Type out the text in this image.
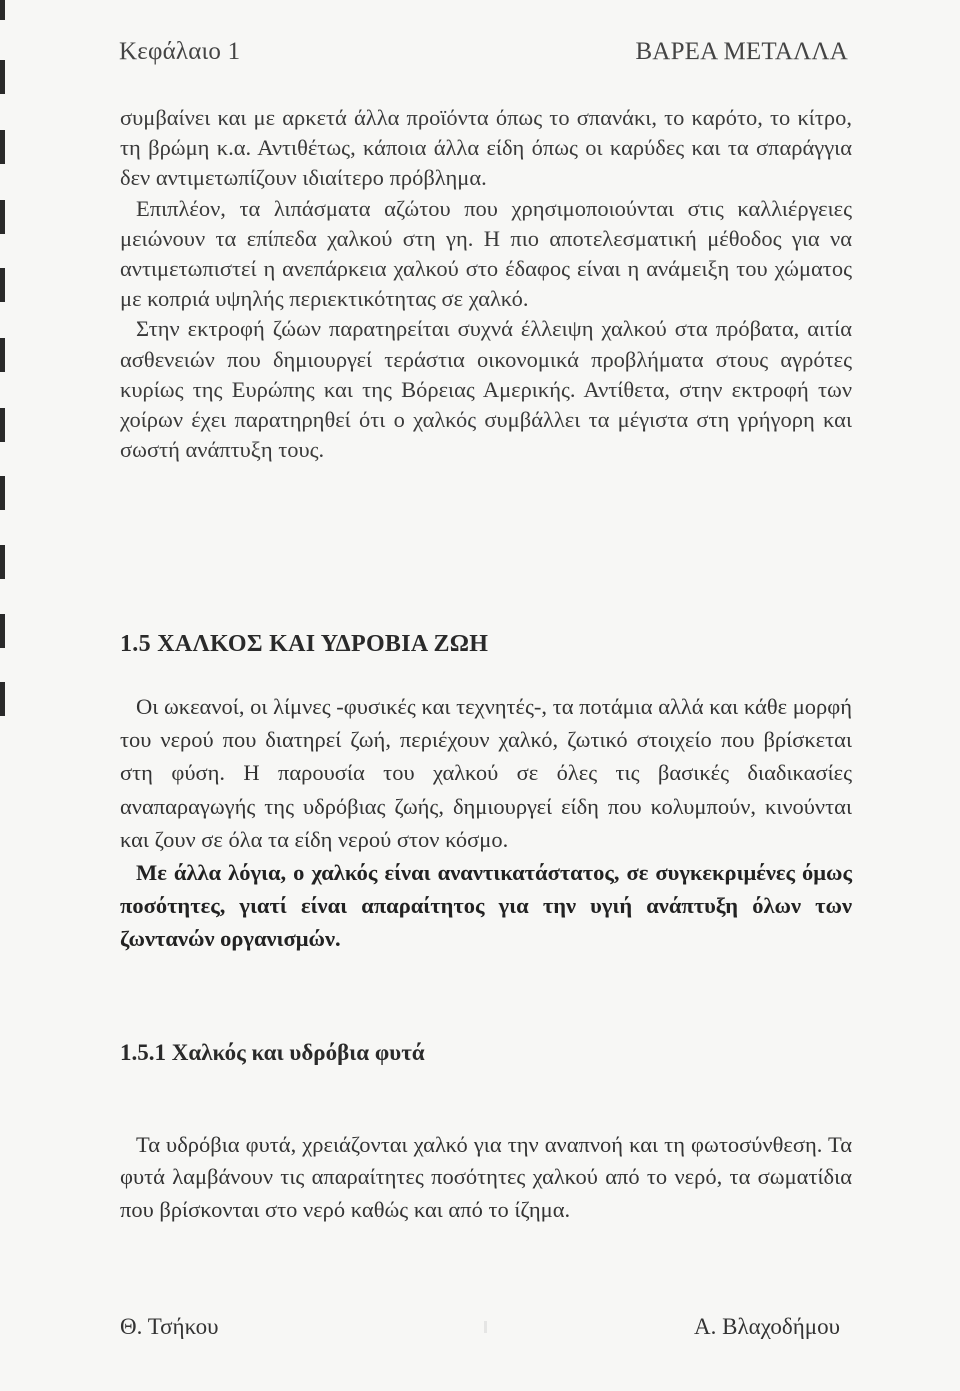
Κεφάλαιο 1	ΒΑΡΕΑ ΜΕΤΑΛΛΑ

συμβαίνει και με αρκετά άλλα προϊόντα όπως το σπανάκι, το καρότο, το κίτρο, τη βρώμη κ.α. Αντιθέτως, κάποια άλλα είδη όπως οι καρύδες και τα σπαράγγια δεν αντιμετωπίζουν ιδιαίτερο πρόβλημα.

Επιπλέον, τα λιπάσματα αζώτου που χρησιμοποιούνται στις καλλιέργειες μειώνουν τα επίπεδα χαλκού στη γη. Η πιο αποτελεσματική μέθοδος για να αντιμετωπιστεί η ανεπάρκεια χαλκού στο έδαφος είναι η ανάμειξη του χώματος με κοπριά υψηλής περιεκτικότητας σε χαλκό.

Στην εκτροφή ζώων παρατηρείται συχνά έλλειψη χαλκού στα πρόβατα, αιτία ασθενειών που δημιουργεί τεράστια οικονομικά προβλήματα στους αγρότες κυρίως της Ευρώπης και της Βόρειας Αμερικής. Αντίθετα, στην εκτροφή των χοίρων έχει παρατηρηθεί ότι ο χαλκός συμβάλλει τα μέγιστα στη γρήγορη και σωστή ανάπτυξη τους.

1.5 ΧΑΛΚΟΣ ΚΑΙ ΥΔΡΟΒΙΑ ΖΩΗ

Οι ωκεανοί, οι λίμνες -φυσικές και τεχνητές-, τα ποτάμια αλλά και κάθε μορφή του νερού που διατηρεί ζωή, περιέχουν χαλκό, ζωτικό στοιχείο που βρίσκεται στη φύση. Η παρουσία του χαλκού σε όλες τις βασικές διαδικασίες αναπαραγωγής της υδρόβιας ζωής, δημιουργεί είδη που κολυμπούν, κινούνται και ζουν σε όλα τα είδη νερού στον κόσμο.

Με άλλα λόγια, ο χαλκός είναι αναντικατάστατος, σε συγκεκριμένες όμως ποσότητες, γιατί είναι απαραίτητος για την υγιή ανάπτυξη όλων των ζωντανών οργανισμών.

1.5.1 Χαλκός και υδρόβια φυτά

Τα υδρόβια φυτά, χρειάζονται χαλκό για την αναπνοή και τη φωτοσύνθεση. Τα φυτά λαμβάνουν τις απαραίτητες ποσότητες χαλκού από το νερό, τα σωματίδια που βρίσκονται στο νερό καθώς και από το ίζημα.

Θ. Τσήκου	Α. Βλαχοδήμου
